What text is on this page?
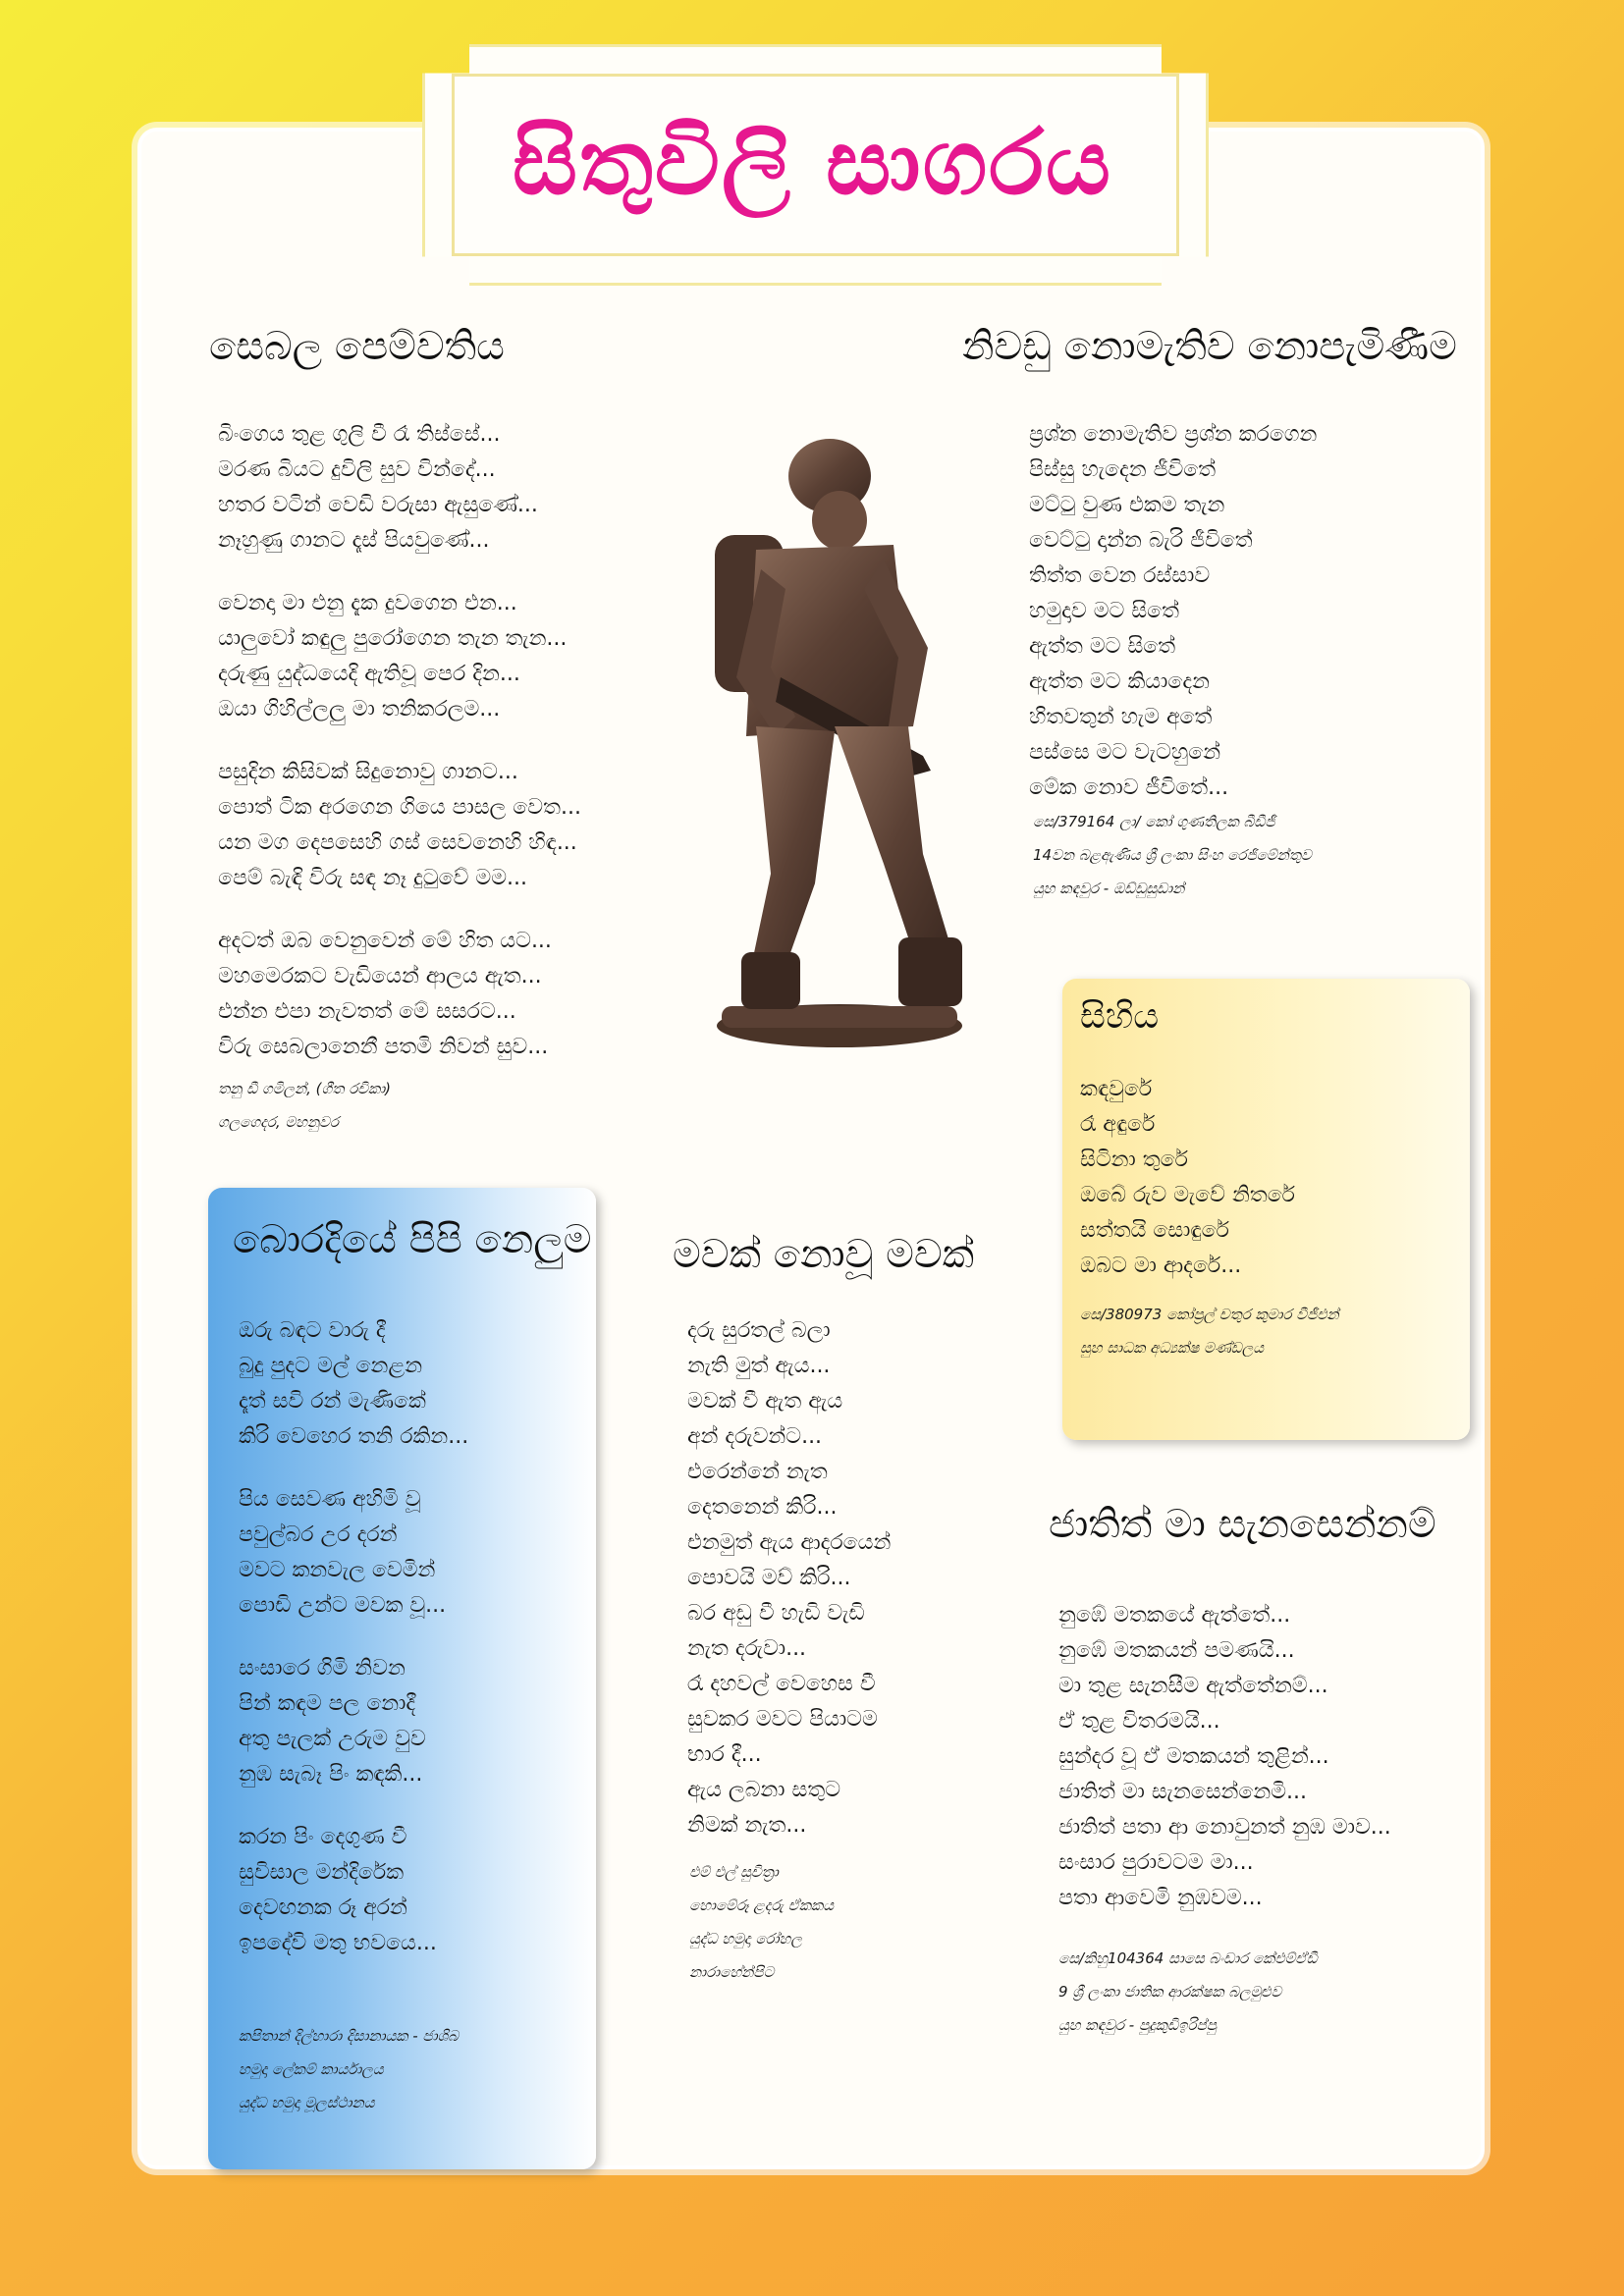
සිතුවිලි සාගරය
සෙබල පෙම්වතිය
බිංගෙය තුළ ගුලි වී රෑ තිස්සේ...
මරණ බියට දුවිලි සුව වින්දේ...
හතර වටින් වෙඩි වරුසා ඇසුණේ...
නෑහුණු ගානට දෑස් පියවුණේ...
වෙනදා මා එනු දැක දුවගෙන එන...
යාලුවෝ කඳුලු පුරෝගෙන තැන තැන...
දරුණු යුද්ධයෙදි ඇතිවූ පෙර දින...
ඔයා ගිහිල්ලලු මා තනිකරලම...
පසුදින කිසිවක් සිදුනොවු ගානට...
පොත් ටික අරගෙන ගියෙ පාසල වෙත...
යන මග දෙපසෙහි ගස් සෙවනෙහි හිඳ...
පෙම් බැඳි විරු සඳ නෑ දුටුවේ මම...
අදටත් ඔබ වෙනුවෙන් මේ හිත යට...
මහමෙරකට වැඩියෙන් ආලය ඇත...
එන්න එපා නැවතත් මේ සසරට...
විරු සෙබලානෙනී පතමි නිවන් සුව...
තනු ඩී ගමිලන්, (ගීත රචිකා)
ගලගෙදර, මහනුවර
නිවඩු නොමැතිව නොපැමිණීම
ප්‍රශ්න නොමැතිව ප්‍රශ්න කරගෙන
පිස්සු හැදෙන ජීවිතේ
මට්ටු වුණ එකම තැන
වෙට්ටු දාන්න බැරි ජීවිතේ
තිත්ත වෙන රස්සාව
හමුදාව මට සිතේ
ඇත්ත මට සිතේ
ඇත්ත මට කියාදෙන
හිතවතුන් හැම අතේ
පස්සෙ මට වැටහුනේ
මේක නොව ජීවිතේ...
සෙ/379164 ලා/ කෝ ගුණතිලක බීඩීජී
14වන බළඇණිය ශ්‍රී ලංකා සිංහ රෙජිමේන්තුව
යුහ කඳවුර - ඔඩ්ඩුසුඩාන්
සිහිය
කඳවුරේ
රෑ අඳුරේ
සිටිනා තුරේ
ඔබේ රුව මැවේ නිතරේ
සත්තයි සොඳුරේ
ඔබට මා ආදරේ...
සෙ/380973 කෝප්‍රල් චතුර කුමාර වීජීඑන්
සුහ සාධක අධ්‍යක්ෂ මණ්ඩලය
බොරදියේ පිපි නෙලුම
ඔරු බඳට වාරු දී
බුදු පුදට මල් නෙළන
දෑත් සවි රන් මැණිකේ
කිරි වෙහෙර තනි රකින...
පිය සෙවණ අහිමි වූ
පවුල්බර උර දරන්
මවට කනවැල වෙමින්
පොඩි උන්ට මවක වූ...
සංසාරෙ ගිමි නිවන
පින් කඳම පල නොදී
අතු පැලක් උරුම වුව
නුඹ සැබෑ පිං කඳකි...
කරන පිං දෙගුණ වී
සුවිසාල මන්දිරේක
දෙවඟනක රූ අරන්
ඉපදේවි මතු භවයෙ...
කපිතාන් දිල්හාරා දිසානායක - ජාශිබ
හමුදා ලේකම් කාර්යාලය
යුද්ධ හමුදා මූලස්ථානය
මවක් නොවූ මවක්
දරු සුරතල් බලා
නැති මුත් ඇය...
මවක් වී ඇත ඇය
අන් දරුවන්ට...
එරෙන්නේ නැත
දෙතනෙන් කිරි...
එනමුත් ඇය ආදරයෙන්
පොවයි මව් කිරි...
බර අඩු වී හැඩි වැඩි
නැත දරුවා...
රෑ දහවල් වෙහෙස වී
සුවකර මවට පියාටම
භාර දී...
ඇය ලබනා සතුට
නිමක් නැත...
එම් එල් සුචිත්‍රා
හොමේරූ ළදරු ඒකකය
යුද්ධ හමුදා රෝහල
නාරාහේන්පිට
ජාතිත් මා සැනසෙන්නම්
නුඹේ මතකයේ ඇත්තේ...
නුඹේ මතකයන් පමණයි...
මා තුළ සැනසීම ඇත්තේනම්...
ඒ තුළ විතරමයි...
සුන්දර වූ ඒ මතකයන් තුළින්...
ජාතිත් මා සැනසෙන්නෙමි...
ජාතිත් පතා ආ නොවුනත් නුඹ මාව...
සංසාර පුරාවටම මා...
පතා ආවෙමි නුඹවම...
සෙ/කිහු104364 සාසෙ බංඩාර කේඑම්ඒඩී
9 ශ්‍රී ලංකා ජාතික ආරක්ෂක බලමුළුව
යුහ කඳවුර - පුදුකුඩිඉරිප්පු
